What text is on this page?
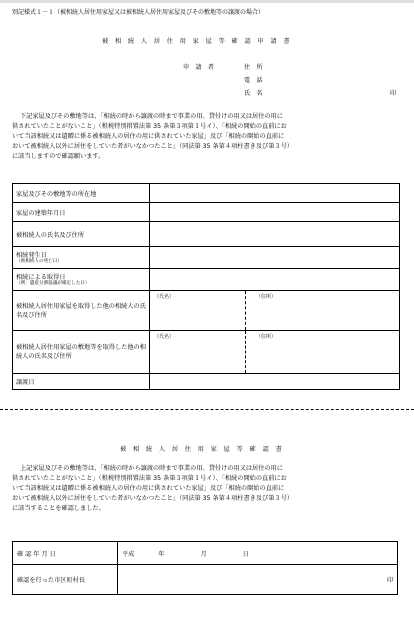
別記様式１－１（被相続人居住用家屋又は被相続人居住用家屋及びその敷地等の譲渡の場合）
被 相 続 人 居 住 用 家 屋 等 確 認 申 請 書
申　請　者	住　所
電　話
氏　名	印
下記家屋及びその敷地等は、「相続の時から譲渡の時まで事業の用、貸付けの用又は居住の用に
供されていたことがないこと」（租税特別措置法第 35 条第３項第１号イ）、「相続の開始の直前にお
いて当該相続又は遺贈に係る被相続人の居住の用に供されていた家屋」及び「相続の開始の直前に
おいて被相続人以外に居住をしていた者がいなかつたこと」（同法第 35 条第４項柱書き及び第３号）
に該当しますので確認願います。
家屋及びその敷地等の所在地	
家屋の建築年月日	
被相続人の氏名及び住所	
相続発生日
（被相続人の死亡日）	

相続による取得日
（例：遺産分割協議が確定した日）	

被相続人居住用家屋を取得した他の相続人の氏名及び住所	（氏名） （住所）

被相続人居住用家屋の敷地等を取得した他の相続人の氏名及び住所	（氏名） （住所）

譲渡日	
被 相 続 人 居 住 用 家 屋 等 確 認 書
上記家屋及びその敷地等は、「相続の時から譲渡の時まで事業の用、貸付けの用又は居住の用に
供されていたことがないこと」（租税特別措置法第 35 条第３項第１号イ）、「相続の開始の直前にお
いて当該相続又は遺贈に係る被相続人の居住の用に供されていた家屋」及び「相続の開始の直前に
おいて被相続人以外に居住をしていた者がいなかつたこと」（同法第 35 条第４項柱書き及び第３号）
に該当することを確認しました。
確 認 年 月 日	平成 年 月 日
確認を行った市区町村長	印
